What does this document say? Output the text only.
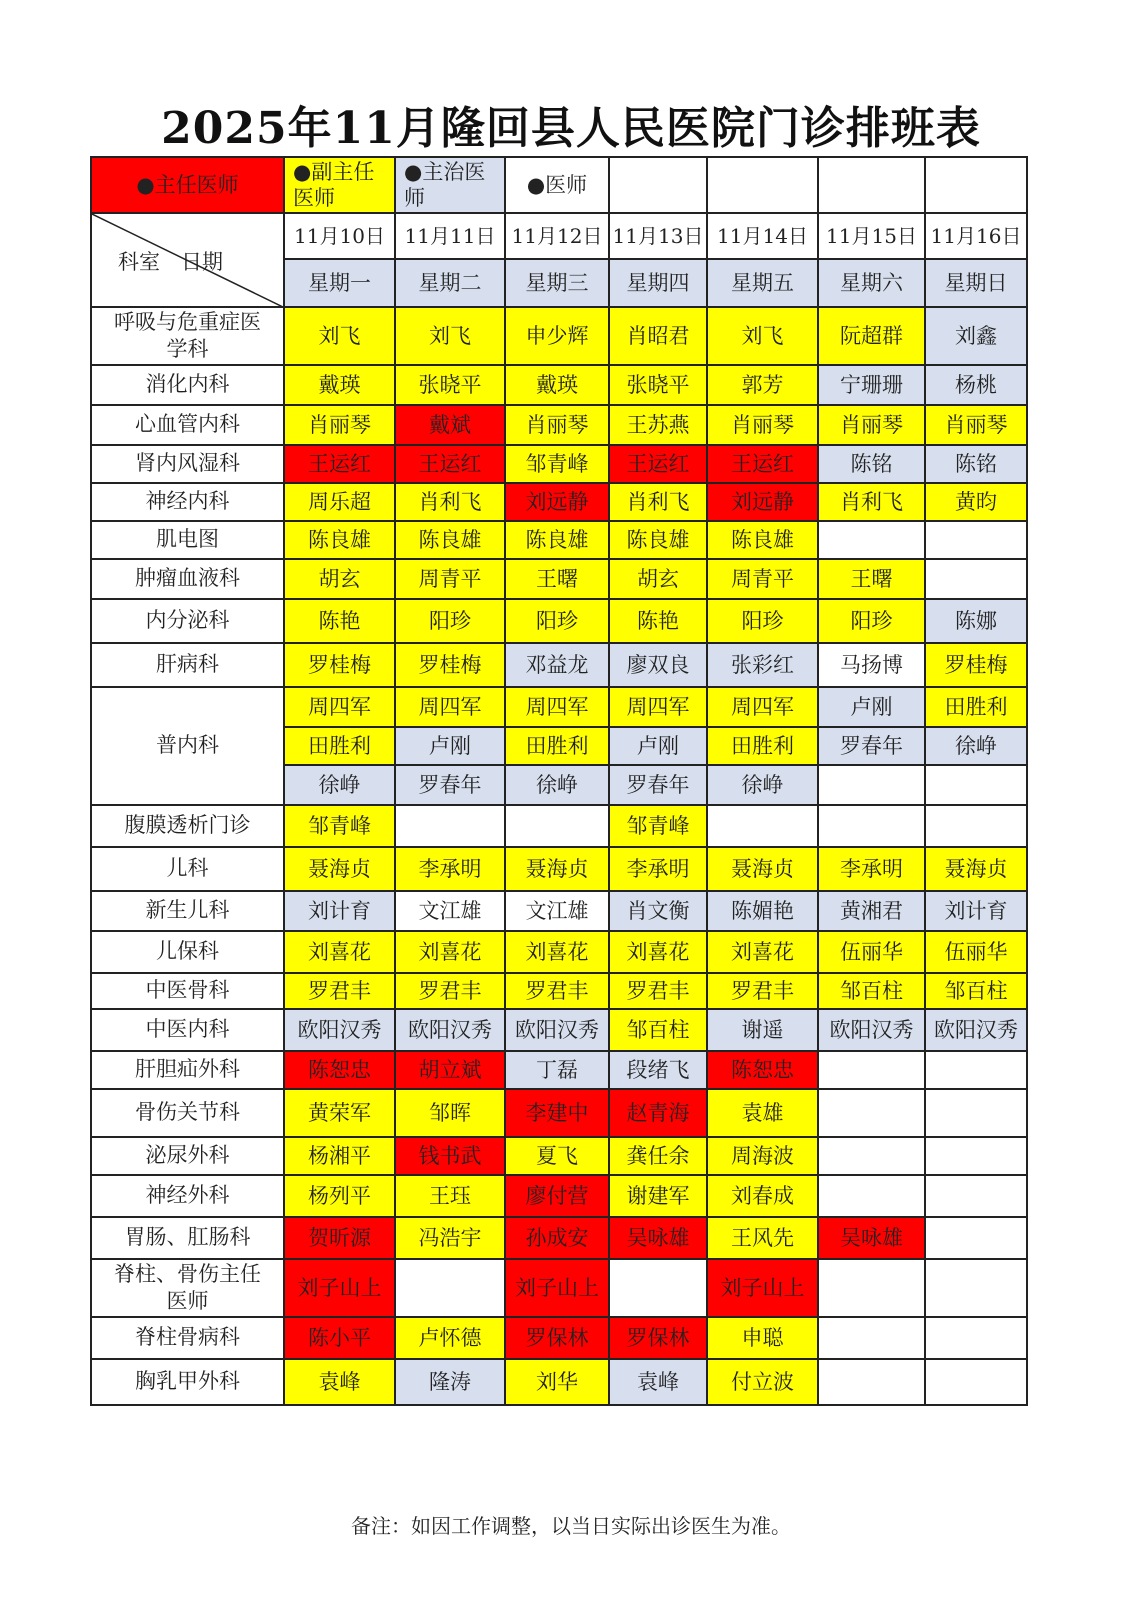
2025年11月隆回县人民医院门诊排班表
●主任医师	●副主任医师	●主治医师	●医师				

科室　日期	11月10日	11月11日	11月12日	11月13日	11月14日	11月15日	11月16日
	星期一	星期二	星期三	星期四	星期五	星期六	星期日
呼吸与危重症医学科	刘飞	刘飞	申少辉	肖昭君	刘飞	阮超群	刘鑫
消化内科	戴瑛	张晓平	戴瑛	张晓平	郭芳	宁珊珊	杨桃
心血管内科	肖丽琴	戴斌	肖丽琴	王苏燕	肖丽琴	肖丽琴	肖丽琴
肾内风湿科	王运红	王运红	邹青峰	王运红	王运红	陈铭	陈铭
神经内科	周乐超	肖利飞	刘远静	肖利飞	刘远静	肖利飞	黄昀
肌电图	陈良雄	陈良雄	陈良雄	陈良雄	陈良雄		
肿瘤血液科	胡玄	周青平	王曙	胡玄	周青平	王曙	
内分泌科	陈艳	阳珍	阳珍	陈艳	阳珍	阳珍	陈娜
肝病科	罗桂梅	罗桂梅	邓益龙	廖双良	张彩红	马扬博	罗桂梅
普内科	周四军	周四军	周四军	周四军	周四军	卢刚	田胜利
	田胜利	卢刚	田胜利	卢刚	田胜利	罗春年	徐峥
	徐峥	罗春年	徐峥	罗春年	徐峥		
腹膜透析门诊	邹青峰			邹青峰			
儿科	聂海贞	李承明	聂海贞	李承明	聂海贞	李承明	聂海贞
新生儿科	刘计育	文江雄	文江雄	肖文衡	陈媚艳	黄湘君	刘计育
儿保科	刘喜花	刘喜花	刘喜花	刘喜花	刘喜花	伍丽华	伍丽华
中医骨科	罗君丰	罗君丰	罗君丰	罗君丰	罗君丰	邹百柱	邹百柱
中医内科	欧阳汉秀	欧阳汉秀	欧阳汉秀	邹百柱	谢遥	欧阳汉秀	欧阳汉秀
肝胆疝外科	陈恕忠	胡立斌	丁磊	段绪飞	陈恕忠		
骨伤关节科	黄荣军	邹晖	李建中	赵青海	袁雄		
泌尿外科	杨湘平	钱书武	夏飞	龚任余	周海波		
神经外科	杨列平	王珏	廖付营	谢建军	刘春成		
胃肠、肛肠科	贺昕源	冯浩宇	孙成安	吴咏雄	王风先	吴咏雄	
脊柱、骨伤主任医师	刘子山上		刘子山上		刘子山上		
脊柱骨病科	陈小平	卢怀德	罗保林	罗保林	申聪		
胸乳甲外科	袁峰	隆涛	刘华	袁峰	付立波		
备注：如因工作调整，以当日实际出诊医生为准。
